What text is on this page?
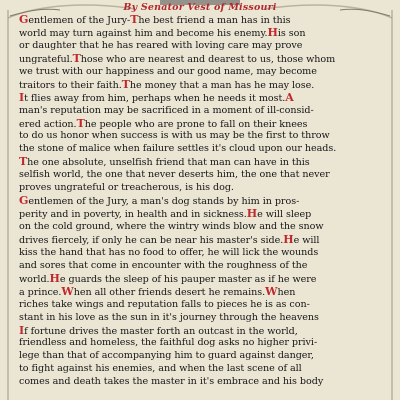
By Senator Vest of Missouri
Gentlemen of the Jury-The best friend a man has in this
world may turn against him and become his enemy.His son
or daughter that he has reared with loving care may prove
ungrateful.Those who are nearest and dearest to us, those whom
we trust with our happiness and our good name, may become
traitors to their faith.The money that a man has he may lose.
It flies away from him, perhaps when he needs it most.A
man's reputation may be sacrificed in a moment of ill-consid-
ered action.The people who are prone to fall on their knees
to do us honor when success is with us may be the first to throw
the stone of malice when failure settles it's cloud upon our heads.
The one absolute, unselfish friend that man can have in this
selfish world, the one that never deserts him, the one that never
proves ungrateful or treacherous, is his dog.
Gentlemen of the Jury, a man's dog stands by him in pros-
perity and in poverty, in health and in sickness.He will sleep
on the cold ground, where the wintry winds blow and the snow
drives fiercely, if only he can be near his master's side.He will
kiss the hand that has no food to offer, he will lick the wounds
and sores that come in encounter with the roughness of the
world.He guards the sleep of his pauper master as if he were
a prince.When all other friends desert he remains.When
riches take wings and reputation falls to pieces he is as con-
stant in his love as the sun in it's journey through the heavens
If fortune drives the master forth an outcast in the world,
friendless and homeless, the faithful dog asks no higher privi-
lege than that of accompanying him to guard against danger,
to fight against his enemies, and when the last scene of all
comes and death takes the master in it's embrace and his body
